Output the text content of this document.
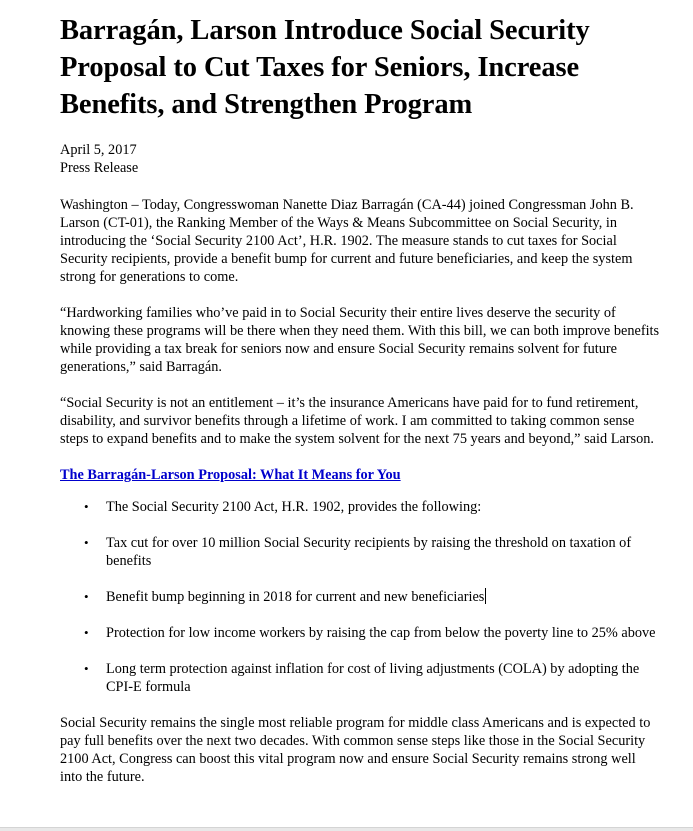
Barragán, Larson Introduce Social Security Proposal to Cut Taxes for Seniors, Increase Benefits, and Strengthen Program
April 5, 2017
Press Release

Washington – Today, Congresswoman Nanette Diaz Barragán (CA-44) joined Congressman John B. Larson (CT-01), the Ranking Member of the Ways & Means Subcommittee on Social Security, in introducing the ‘Social Security 2100 Act’, H.R. 1902. The measure stands to cut taxes for Social Security recipients, provide a benefit bump for current and future beneficiaries, and keep the system strong for generations to come.

“Hardworking families who’ve paid in to Social Security their entire lives deserve the security of knowing these programs will be there when they need them. With this bill, we can both improve benefits while providing a tax break for seniors now and ensure Social Security remains solvent for future generations,” said Barragán.

“Social Security is not an entitlement – it’s the insurance Americans have paid for to fund retirement, disability, and survivor benefits through a lifetime of work. I am committed to taking common sense steps to expand benefits and to make the system solvent for the next 75 years and beyond,” said Larson.

The Barragán-Larson Proposal: What It Means for You
• The Social Security 2100 Act, H.R. 1902, provides the following:
• Tax cut for over 10 million Social Security recipients by raising the threshold on taxation of benefits
• Benefit bump beginning in 2018 for current and new beneficiaries
• Protection for low income workers by raising the cap from below the poverty line to 25% above
• Long term protection against inflation for cost of living adjustments (COLA) by adopting the CPI-E formula

Social Security remains the single most reliable program for middle class Americans and is expected to pay full benefits over the next two decades. With common sense steps like those in the Social Security 2100 Act, Congress can boost this vital program now and ensure Social Security remains strong well into the future.
